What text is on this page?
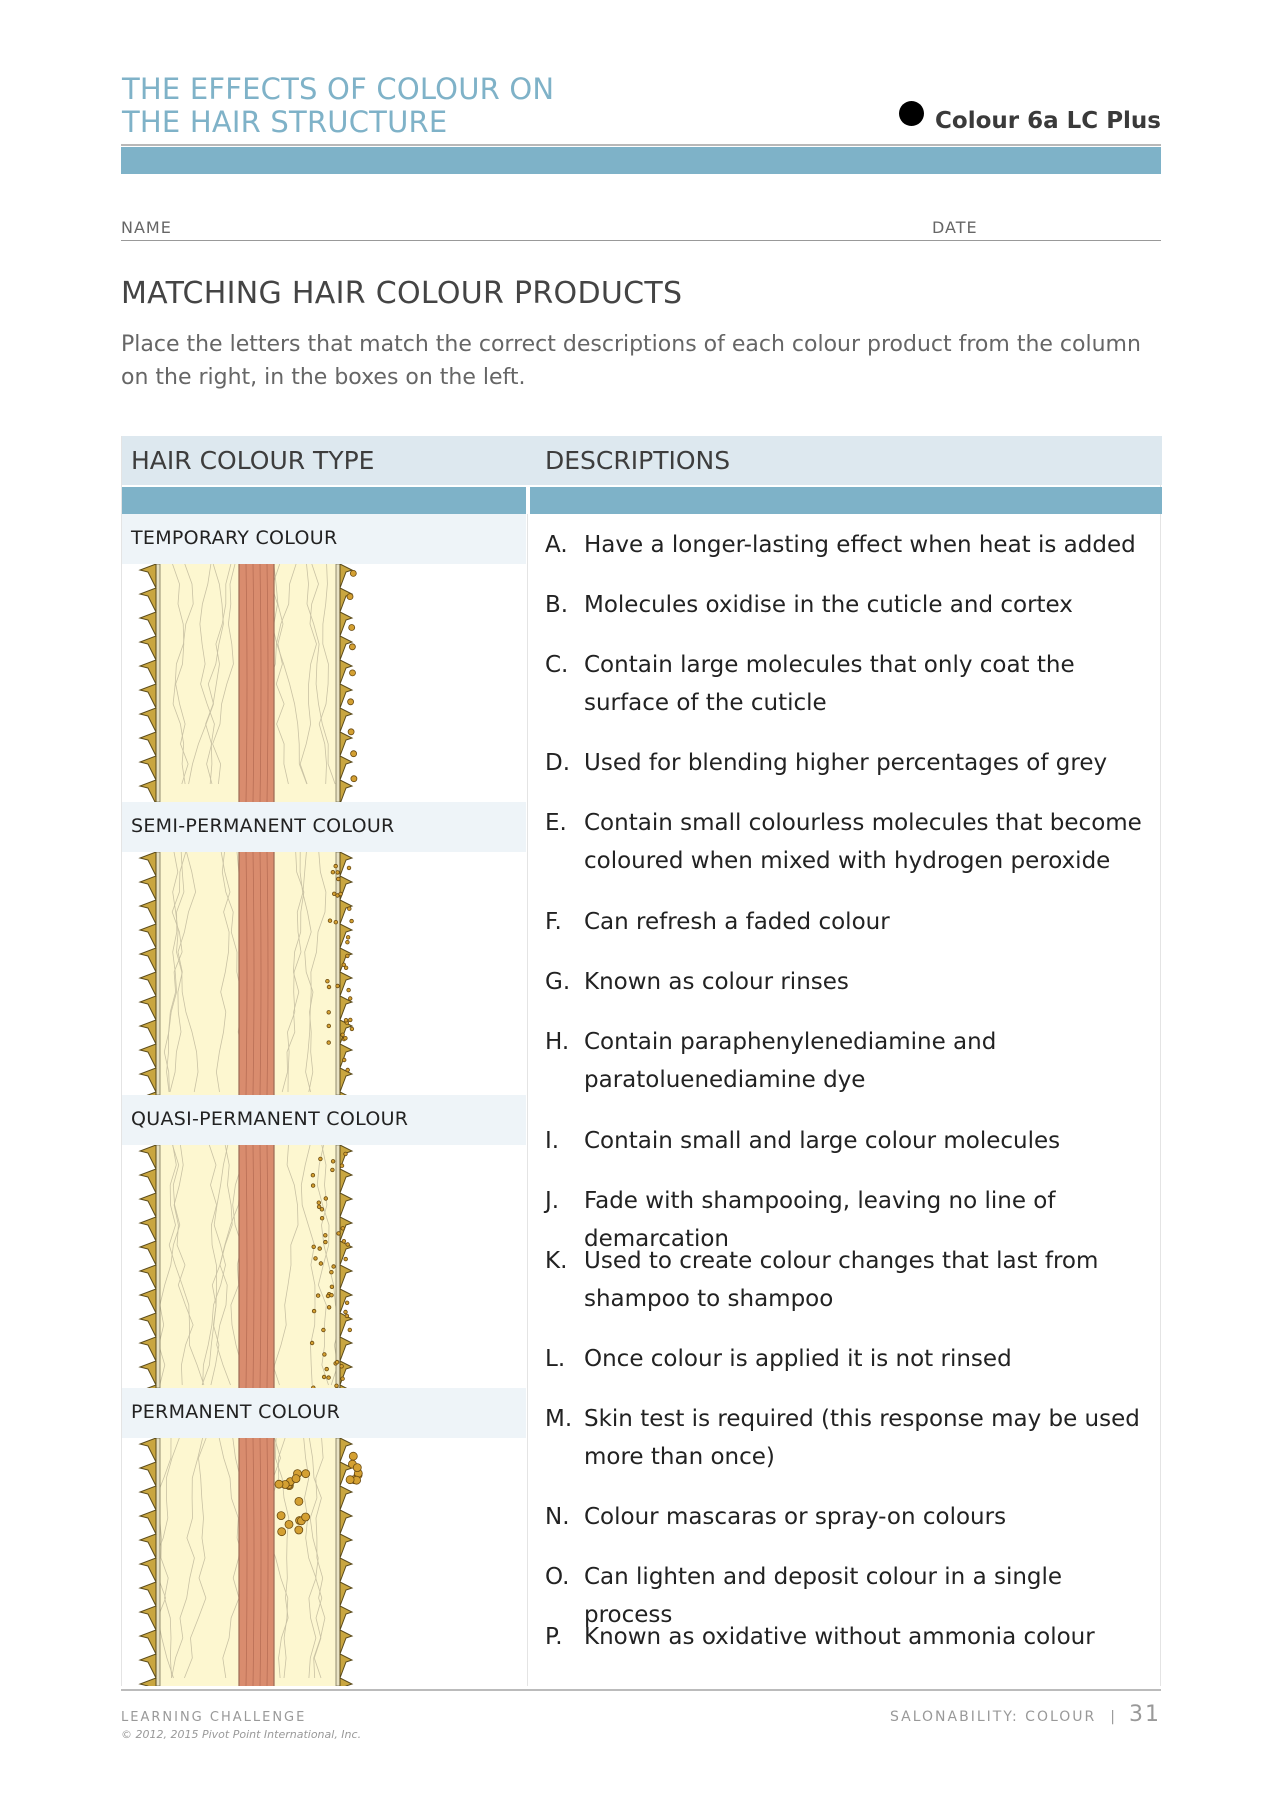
THE EFFECTS OF COLOUR ON
THE HAIR STRUCTURE	Colour 6a LC Plus
NAME	DATE
MATCHING HAIR COLOUR PRODUCTS
Place the letters that match the correct descriptions of each colour product from the column on the right, in the boxes on the left.
HAIR COLOUR TYPE	DESCRIPTIONS
TEMPORARY COLOUR
SEMI-PERMANENT COLOUR
QUASI-PERMANENT COLOUR
PERMANENT COLOUR
A. Have a longer-lasting effect when heat is added
B. Molecules oxidise in the cuticle and cortex
C. Contain large molecules that only coat the surface of the cuticle
D. Used for blending higher percentages of grey
E. Contain small colourless molecules that become coloured when mixed with hydrogen peroxide
F. Can refresh a faded colour
G. Known as colour rinses
H. Contain paraphenylenediamine and paratoluenediamine dye
I.	Contain small and large colour molecules
J.	Fade with shampooing, leaving no line of demarcation
K. Used to create colour changes that last from shampoo to shampoo
L. Once colour is applied it is not rinsed
M. Skin test is required (this response may be used more than once)
N. Colour mascaras or spray-on colours
O. Can lighten and deposit colour in a single process
P. Known as oxidative without ammonia colour
LEARNING CHALLENGE
© 2012, 2015 Pivot Point International, Inc.
SALONABILITY: COLOUR | 31
